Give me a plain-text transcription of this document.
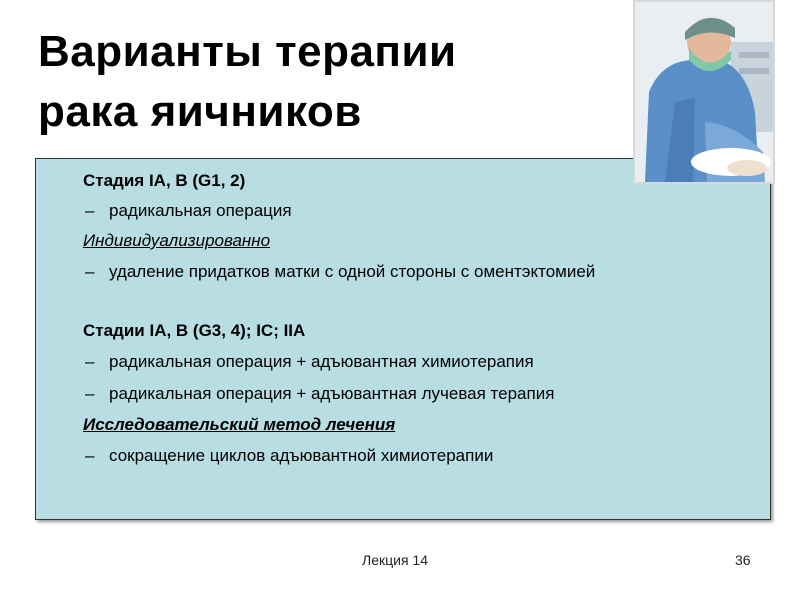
Варианты терапии
рака яичников
Стадия IA, B (G1, 2)
– радикальная операция
Индивидуализированно
– удаление придатков матки с одной стороны с оментэктомией
Стадии IA, B (G3, 4); IC; IIA
– радикальная операция + адъювантная химиотерапия
– радикальная операция + адъювантная лучевая терапия
Исследовательский метод лечения
– сокращение циклов адъювантной химиотерапии
Лекция 14	36
